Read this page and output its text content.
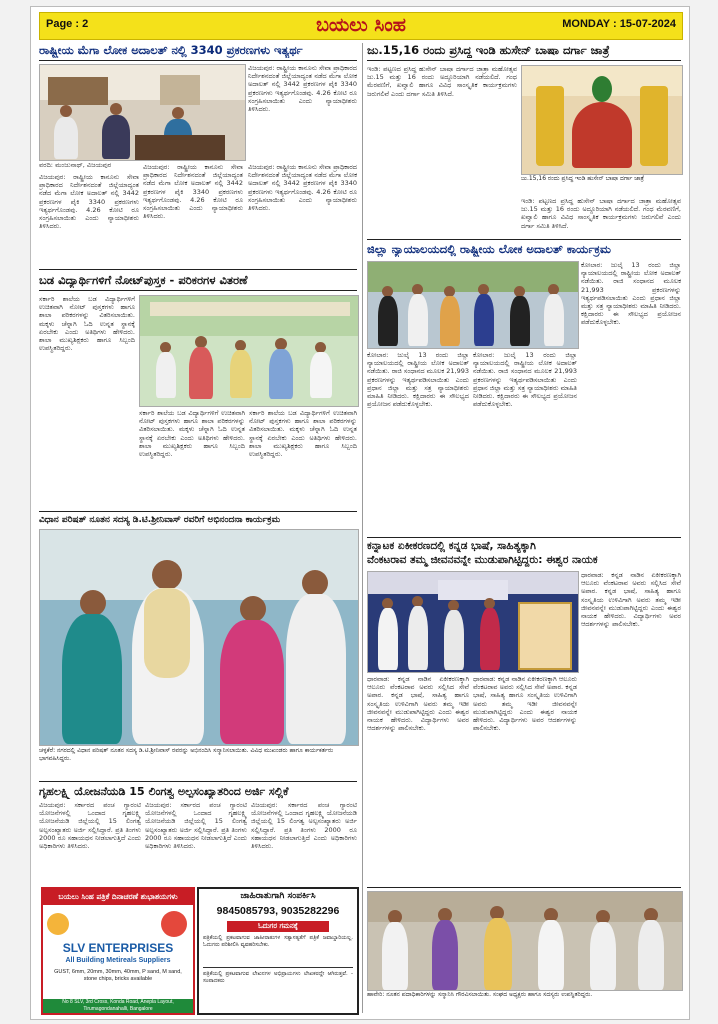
Page : 2	ಬಯಲು ಸಿಂಹ	MONDAY : 15-07-2024
ರಾಷ್ಟ್ರೀಯ ಮೆಗಾ ಲೋಕ ಅದಾಲತ್ ನಲ್ಲಿ 3340 ಪ್ರಕರಣಗಳು ಇತ್ಯರ್ಥ
ವರದಿ: ಮಂಜುನಾಥ್, ವಿಜಯಪುರ
ವಿಜಯಪುರ: ರಾಷ್ಟ್ರೀಯ ಕಾನೂನು ಸೇವಾ ಪ್ರಾಧಿಕಾರದ ನಿರ್ದೇಶನದಂತೆ ಜಿಲ್ಲೆಯಾದ್ಯಂತ ನಡೆದ ಮೆಗಾ ಲೋಕ ಅದಾಲತ್ ನಲ್ಲಿ 3442 ಪ್ರಕರಣಗಳ ಪೈಕಿ 3340 ಪ್ರಕರಣಗಳು ಇತ್ಯರ್ಥಗೊಂಡವು. 4.26 ಕೋಟಿ ರೂ ಸಂಗ್ರಹಿಸಲಾಯಿತು ಎಂದು ನ್ಯಾಯಾಧೀಶರು ತಿಳಿಸಿದರು.
ವಿಜಯಪುರ: ರಾಷ್ಟ್ರೀಯ ಕಾನೂನು ಸೇವಾ ಪ್ರಾಧಿಕಾರದ ನಿರ್ದೇಶನದಂತೆ ಜಿಲ್ಲೆಯಾದ್ಯಂತ ನಡೆದ ಮೆಗಾ ಲೋಕ ಅದಾಲತ್ ನಲ್ಲಿ 3442 ಪ್ರಕರಣಗಳ ಪೈಕಿ 3340 ಪ್ರಕರಣಗಳು ಇತ್ಯರ್ಥಗೊಂಡವು. 4.26 ಕೋಟಿ ರೂ ಸಂಗ್ರಹಿಸಲಾಯಿತು ಎಂದು ನ್ಯಾಯಾಧೀಶರು ತಿಳಿಸಿದರು.
ವಿಜಯಪುರ: ರಾಷ್ಟ್ರೀಯ ಕಾನೂನು ಸೇವಾ ಪ್ರಾಧಿಕಾರದ ನಿರ್ದೇಶನದಂತೆ ಜಿಲ್ಲೆಯಾದ್ಯಂತ ನಡೆದ ಮೆಗಾ ಲೋಕ ಅದಾಲತ್ ನಲ್ಲಿ 3442 ಪ್ರಕರಣಗಳ ಪೈಕಿ 3340 ಪ್ರಕರಣಗಳು ಇತ್ಯರ್ಥಗೊಂಡವು. 4.26 ಕೋಟಿ ರೂ ಸಂಗ್ರಹಿಸಲಾಯಿತು ಎಂದು ನ್ಯಾಯಾಧೀಶರು ತಿಳಿಸಿದರು.
ವಿಜಯಪುರ: ರಾಷ್ಟ್ರೀಯ ಕಾನೂನು ಸೇವಾ ಪ್ರಾಧಿಕಾರದ ನಿರ್ದೇಶನದಂತೆ ಜಿಲ್ಲೆಯಾದ್ಯಂತ ನಡೆದ ಮೆಗಾ ಲೋಕ ಅದಾಲತ್ ನಲ್ಲಿ 3442 ಪ್ರಕರಣಗಳ ಪೈಕಿ 3340 ಪ್ರಕರಣಗಳು ಇತ್ಯರ್ಥಗೊಂಡವು. 4.26 ಕೋಟಿ ರೂ ಸಂಗ್ರಹಿಸಲಾಯಿತು ಎಂದು ನ್ಯಾಯಾಧೀಶರು ತಿಳಿಸಿದರು.
ಬಡ ವಿದ್ಯಾರ್ಥಿಗಳಿಗೆ ನೋಟ್‌ಪುಸ್ತಕ - ಪರಿಕರಗಳ ವಿತರಣೆ
ಸರ್ಕಾರಿ ಶಾಲೆಯ ಬಡ ವಿದ್ಯಾರ್ಥಿಗಳಿಗೆ ಉಚಿತವಾಗಿ ನೋಟ್ ಪುಸ್ತಕಗಳು ಹಾಗೂ ಶಾಲಾ ಪರಿಕರಗಳನ್ನು ವಿತರಿಸಲಾಯಿತು. ಮಕ್ಕಳು ಚೆನ್ನಾಗಿ ಓದಿ ಉನ್ನತ ಸ್ಥಾನಕ್ಕೆ ಏರಬೇಕು ಎಂದು ಅತಿಥಿಗಳು ಹೇಳಿದರು. ಶಾಲಾ ಮುಖ್ಯಶಿಕ್ಷಕರು ಹಾಗೂ ಸಿಬ್ಬಂದಿ ಉಪಸ್ಥಿತರಿದ್ದರು.
ಸರ್ಕಾರಿ ಶಾಲೆಯ ಬಡ ವಿದ್ಯಾರ್ಥಿಗಳಿಗೆ ಉಚಿತವಾಗಿ ನೋಟ್ ಪುಸ್ತಕಗಳು ಹಾಗೂ ಶಾಲಾ ಪರಿಕರಗಳನ್ನು ವಿತರಿಸಲಾಯಿತು. ಮಕ್ಕಳು ಚೆನ್ನಾಗಿ ಓದಿ ಉನ್ನತ ಸ್ಥಾನಕ್ಕೆ ಏರಬೇಕು ಎಂದು ಅತಿಥಿಗಳು ಹೇಳಿದರು. ಶಾಲಾ ಮುಖ್ಯಶಿಕ್ಷಕರು ಹಾಗೂ ಸಿಬ್ಬಂದಿ ಉಪಸ್ಥಿತರಿದ್ದರು.
ಸರ್ಕಾರಿ ಶಾಲೆಯ ಬಡ ವಿದ್ಯಾರ್ಥಿಗಳಿಗೆ ಉಚಿತವಾಗಿ ನೋಟ್ ಪುಸ್ತಕಗಳು ಹಾಗೂ ಶಾಲಾ ಪರಿಕರಗಳನ್ನು ವಿತರಿಸಲಾಯಿತು. ಮಕ್ಕಳು ಚೆನ್ನಾಗಿ ಓದಿ ಉನ್ನತ ಸ್ಥಾನಕ್ಕೆ ಏರಬೇಕು ಎಂದು ಅತಿಥಿಗಳು ಹೇಳಿದರು. ಶಾಲಾ ಮುಖ್ಯಶಿಕ್ಷಕರು ಹಾಗೂ ಸಿಬ್ಬಂದಿ ಉಪಸ್ಥಿತರಿದ್ದರು.
ವಿಧಾನ ಪರಿಷತ್ ನೂತನ ಸದಸ್ಯ ಡಿ.ಟಿ.ಶ್ರೀನಿವಾಸ್ ರವರಿಗೆ ಅಭಿನಂದನಾ ಕಾರ್ಯಕ್ರಮ
ಚಳ್ಳಕೆರೆ: ನಗರದಲ್ಲಿ ವಿಧಾನ ಪರಿಷತ್ ನೂತನ ಸದಸ್ಯ ಡಿ.ಟಿ.ಶ್ರೀನಿವಾಸ್ ರವರನ್ನು ಅಭಿನಂದಿಸಿ ಸನ್ಮಾನಿಸಲಾಯಿತು. ವಿವಿಧ ಮುಖಂಡರು ಹಾಗೂ ಕಾರ್ಯಕರ್ತರು ಭಾಗವಹಿಸಿದ್ದರು.
ಗೃಹಲಕ್ಷ್ಮಿ ಯೋಜನೆಯಡಿ 15 ಲಿಂಗತ್ವ ಅಲ್ಪಸಂಖ್ಯಾತರಿಂದ ಅರ್ಜಿ ಸಲ್ಲಿಕೆ
ವಿಜಯಪುರ: ಸರ್ಕಾರದ ಪಂಚ ಗ್ಯಾರಂಟಿ ಯೋಜನೆಗಳಲ್ಲಿ ಒಂದಾದ ಗೃಹಲಕ್ಷ್ಮಿ ಯೋಜನೆಯಡಿ ಜಿಲ್ಲೆಯಲ್ಲಿ 15 ಲಿಂಗತ್ವ ಅಲ್ಪಸಂಖ್ಯಾತರು ಅರ್ಜಿ ಸಲ್ಲಿಸಿದ್ದಾರೆ. ಪ್ರತಿ ತಿಂಗಳು 2000 ರೂ ಸಹಾಯಧನ ನೀಡಲಾಗುತ್ತಿದೆ ಎಂದು ಅಧಿಕಾರಿಗಳು ತಿಳಿಸಿದರು.
ವಿಜಯಪುರ: ಸರ್ಕಾರದ ಪಂಚ ಗ್ಯಾರಂಟಿ ಯೋಜನೆಗಳಲ್ಲಿ ಒಂದಾದ ಗೃಹಲಕ್ಷ್ಮಿ ಯೋಜನೆಯಡಿ ಜಿಲ್ಲೆಯಲ್ಲಿ 15 ಲಿಂಗತ್ವ ಅಲ್ಪಸಂಖ್ಯಾತರು ಅರ್ಜಿ ಸಲ್ಲಿಸಿದ್ದಾರೆ. ಪ್ರತಿ ತಿಂಗಳು 2000 ರೂ ಸಹಾಯಧನ ನೀಡಲಾಗುತ್ತಿದೆ ಎಂದು ಅಧಿಕಾರಿಗಳು ತಿಳಿಸಿದರು.
ವಿಜಯಪುರ: ಸರ್ಕಾರದ ಪಂಚ ಗ್ಯಾರಂಟಿ ಯೋಜನೆಗಳಲ್ಲಿ ಒಂದಾದ ಗೃಹಲಕ್ಷ್ಮಿ ಯೋಜನೆಯಡಿ ಜಿಲ್ಲೆಯಲ್ಲಿ 15 ಲಿಂಗತ್ವ ಅಲ್ಪಸಂಖ್ಯಾತರು ಅರ್ಜಿ ಸಲ್ಲಿಸಿದ್ದಾರೆ. ಪ್ರತಿ ತಿಂಗಳು 2000 ರೂ ಸಹಾಯಧನ ನೀಡಲಾಗುತ್ತಿದೆ ಎಂದು ಅಧಿಕಾರಿಗಳು ತಿಳಿಸಿದರು.
ಬಯಲು ಸಿಂಹ ಪತ್ರಿಕೆ ದಿನಾಚರಣೆ ಶುಭಾಶಯಗಳು
SLV ENTERPRISES
All Building Metireals Suppliers
GUST, 6mm, 20mm, 30mm, 40mm, P sand, M sand, stone chips, bricks available
No 8 SLV, 3rd Cross, Konda Road, Anepla Layout, Tirumagondanahalli, Bangalore
ಜಾಹಿರಾತುಗಾಗಿ ಸಂಪರ್ಕಿಸಿ
9845085793, 9035282296
ಓದುಗರ ಗಮನಕ್ಕೆ
ಪತ್ರಿಕೆಯಲ್ಲಿ ಪ್ರಕಟವಾಗುವ ಜಾಹೀರಾತುಗಳ ಸತ್ಯಾಸತ್ಯತೆಗೆ ಪತ್ರಿಕೆ ಜವಾಬ್ದಾರಿಯಲ್ಲ. ಓದುಗರು ಪರಿಶೀಲಿಸಿ ವ್ಯವಹರಿಸಬೇಕು.
ಪತ್ರಿಕೆಯಲ್ಲಿ ಪ್ರಕಟವಾಗುವ ಲೇಖನಗಳ ಅಭಿಪ್ರಾಯಗಳು ಲೇಖಕರದ್ದೇ ಆಗಿರುತ್ತವೆ. - ಸಂಪಾದಕರು
ಜು.15,16 ರಂದು ಪ್ರಸಿದ್ಧ ಇಂಡಿ ಹುಸೇನ್ ಬಾಷಾ ದರ್ಗಾ ಜಾತ್ರೆ
ಇಂಡಿ: ಪಟ್ಟಣದ ಪ್ರಸಿದ್ಧ ಹುಸೇನ್ ಬಾಷಾ ದರ್ಗಾದ ಜಾತ್ರಾ ಮಹೋತ್ಸವ ಜು.15 ಮತ್ತು 16 ರಂದು ಅದ್ದೂರಿಯಾಗಿ ನಡೆಯಲಿದೆ. ಗಂಧ ಮೆರವಣಿಗೆ, ಖವ್ವಾಲಿ ಹಾಗೂ ವಿವಿಧ ಸಾಂಸ್ಕೃತಿಕ ಕಾರ್ಯಕ್ರಮಗಳು ಜರುಗಲಿವೆ ಎಂದು ದರ್ಗಾ ಸಮಿತಿ ತಿಳಿಸಿದೆ.
ಜು.15,16 ರಂದು ಪ್ರಸಿದ್ಧ ಇಂಡಿ ಹುಸೇನ್ ಬಾಷಾ ದರ್ಗಾ ಜಾತ್ರೆ
ಇಂಡಿ: ಪಟ್ಟಣದ ಪ್ರಸಿದ್ಧ ಹುಸೇನ್ ಬಾಷಾ ದರ್ಗಾದ ಜಾತ್ರಾ ಮಹೋತ್ಸವ ಜು.15 ಮತ್ತು 16 ರಂದು ಅದ್ದೂರಿಯಾಗಿ ನಡೆಯಲಿದೆ. ಗಂಧ ಮೆರವಣಿಗೆ, ಖವ್ವಾಲಿ ಹಾಗೂ ವಿವಿಧ ಸಾಂಸ್ಕೃತಿಕ ಕಾರ್ಯಕ್ರಮಗಳು ಜರುಗಲಿವೆ ಎಂದು ದರ್ಗಾ ಸಮಿತಿ ತಿಳಿಸಿದೆ.
ಜಿಲ್ಲಾ ನ್ಯಾಯಾಲಯದಲ್ಲಿ ರಾಷ್ಟ್ರೀಯ ಲೋಕ ಅದಾಲತ್ ಕಾರ್ಯಕ್ರಮ
ಕೋಲಾರ: ಜುಲೈ 13 ರಂದು ಜಿಲ್ಲಾ ನ್ಯಾಯಾಲಯದಲ್ಲಿ ರಾಷ್ಟ್ರೀಯ ಲೋಕ ಅದಾಲತ್ ನಡೆಯಿತು. ರಾಜಿ ಸಂಧಾನದ ಮೂಲಕ 21,993 ಪ್ರಕರಣಗಳನ್ನು ಇತ್ಯರ್ಥಪಡಿಸಲಾಯಿತು ಎಂದು ಪ್ರಧಾನ ಜಿಲ್ಲಾ ಮತ್ತು ಸತ್ರ ನ್ಯಾಯಾಧೀಶರು ಮಾಹಿತಿ ನೀಡಿದರು. ಕಕ್ಷಿದಾರರು ಈ ಸೌಲಭ್ಯದ ಪ್ರಯೋಜನ ಪಡೆದುಕೊಳ್ಳಬೇಕು.
ಕೋಲಾರ: ಜುಲೈ 13 ರಂದು ಜಿಲ್ಲಾ ನ್ಯಾಯಾಲಯದಲ್ಲಿ ರಾಷ್ಟ್ರೀಯ ಲೋಕ ಅದಾಲತ್ ನಡೆಯಿತು. ರಾಜಿ ಸಂಧಾನದ ಮೂಲಕ 21,993 ಪ್ರಕರಣಗಳನ್ನು ಇತ್ಯರ್ಥಪಡಿಸಲಾಯಿತು ಎಂದು ಪ್ರಧಾನ ಜಿಲ್ಲಾ ಮತ್ತು ಸತ್ರ ನ್ಯಾಯಾಧೀಶರು ಮಾಹಿತಿ ನೀಡಿದರು. ಕಕ್ಷಿದಾರರು ಈ ಸೌಲಭ್ಯದ ಪ್ರಯೋಜನ ಪಡೆದುಕೊಳ್ಳಬೇಕು.
ಕೋಲಾರ: ಜುಲೈ 13 ರಂದು ಜಿಲ್ಲಾ ನ್ಯಾಯಾಲಯದಲ್ಲಿ ರಾಷ್ಟ್ರೀಯ ಲೋಕ ಅದಾಲತ್ ನಡೆಯಿತು. ರಾಜಿ ಸಂಧಾನದ ಮೂಲಕ 21,993 ಪ್ರಕರಣಗಳನ್ನು ಇತ್ಯರ್ಥಪಡಿಸಲಾಯಿತು ಎಂದು ಪ್ರಧಾನ ಜಿಲ್ಲಾ ಮತ್ತು ಸತ್ರ ನ್ಯಾಯಾಧೀಶರು ಮಾಹಿತಿ ನೀಡಿದರು. ಕಕ್ಷಿದಾರರು ಈ ಸೌಲಭ್ಯದ ಪ್ರಯೋಜನ ಪಡೆದುಕೊಳ್ಳಬೇಕು.
ಕನ್ನಾಟಕ ಏಕೀಕರಣದಲ್ಲಿ ಕನ್ನಡ ಭಾಷೆ, ಸಾಹಿತ್ಯಕ್ಕಾಗಿ
ವೆಂಕಟರಾವ ತಮ್ಮ ಜೀವನವನ್ನೇ ಮುಡುಪಾಗಿಟ್ಟಿದ್ದರು: ಈಶ್ವರ ನಾಯಕ
ಧಾರವಾಡ: ಕನ್ನಡ ನಾಡಿನ ಏಕೀಕರಣಕ್ಕಾಗಿ ಆಲೂರು ವೆಂಕಟರಾವ ಅವರು ಸಲ್ಲಿಸಿದ ಸೇವೆ ಅಪಾರ. ಕನ್ನಡ ಭಾಷೆ, ಸಾಹಿತ್ಯ ಹಾಗೂ ಸಂಸ್ಕೃತಿಯ ಉಳಿವಿಗಾಗಿ ಅವರು ತಮ್ಮ ಇಡೀ ಜೀವನವನ್ನೇ ಮುಡುಪಾಗಿಟ್ಟಿದ್ದರು ಎಂದು ಈಶ್ವರ ನಾಯಕ ಹೇಳಿದರು. ವಿದ್ಯಾರ್ಥಿಗಳು ಅವರ ಆದರ್ಶಗಳನ್ನು ಪಾಲಿಸಬೇಕು.
ಧಾರವಾಡ: ಕನ್ನಡ ನಾಡಿನ ಏಕೀಕರಣಕ್ಕಾಗಿ ಆಲೂರು ವೆಂಕಟರಾವ ಅವರು ಸಲ್ಲಿಸಿದ ಸೇವೆ ಅಪಾರ. ಕನ್ನಡ ಭಾಷೆ, ಸಾಹಿತ್ಯ ಹಾಗೂ ಸಂಸ್ಕೃತಿಯ ಉಳಿವಿಗಾಗಿ ಅವರು ತಮ್ಮ ಇಡೀ ಜೀವನವನ್ನೇ ಮುಡುಪಾಗಿಟ್ಟಿದ್ದರು ಎಂದು ಈಶ್ವರ ನಾಯಕ ಹೇಳಿದರು. ವಿದ್ಯಾರ್ಥಿಗಳು ಅವರ ಆದರ್ಶಗಳನ್ನು ಪಾಲಿಸಬೇಕು.
ಧಾರವಾಡ: ಕನ್ನಡ ನಾಡಿನ ಏಕೀಕರಣಕ್ಕಾಗಿ ಆಲೂರು ವೆಂಕಟರಾವ ಅವರು ಸಲ್ಲಿಸಿದ ಸೇವೆ ಅಪಾರ. ಕನ್ನಡ ಭಾಷೆ, ಸಾಹಿತ್ಯ ಹಾಗೂ ಸಂಸ್ಕೃತಿಯ ಉಳಿವಿಗಾಗಿ ಅವರು ತಮ್ಮ ಇಡೀ ಜೀವನವನ್ನೇ ಮುಡುಪಾಗಿಟ್ಟಿದ್ದರು ಎಂದು ಈಶ್ವರ ನಾಯಕ ಹೇಳಿದರು. ವಿದ್ಯಾರ್ಥಿಗಳು ಅವರ ಆದರ್ಶಗಳನ್ನು ಪಾಲಿಸಬೇಕು.
ಹಾವೇರಿ: ನೂತನ ಪದಾಧಿಕಾರಿಗಳನ್ನು ಸನ್ಮಾನಿಸಿ ಗೌರವಿಸಲಾಯಿತು. ಸಂಘದ ಅಧ್ಯಕ್ಷರು ಹಾಗೂ ಸದಸ್ಯರು ಉಪಸ್ಥಿತರಿದ್ದರು.
